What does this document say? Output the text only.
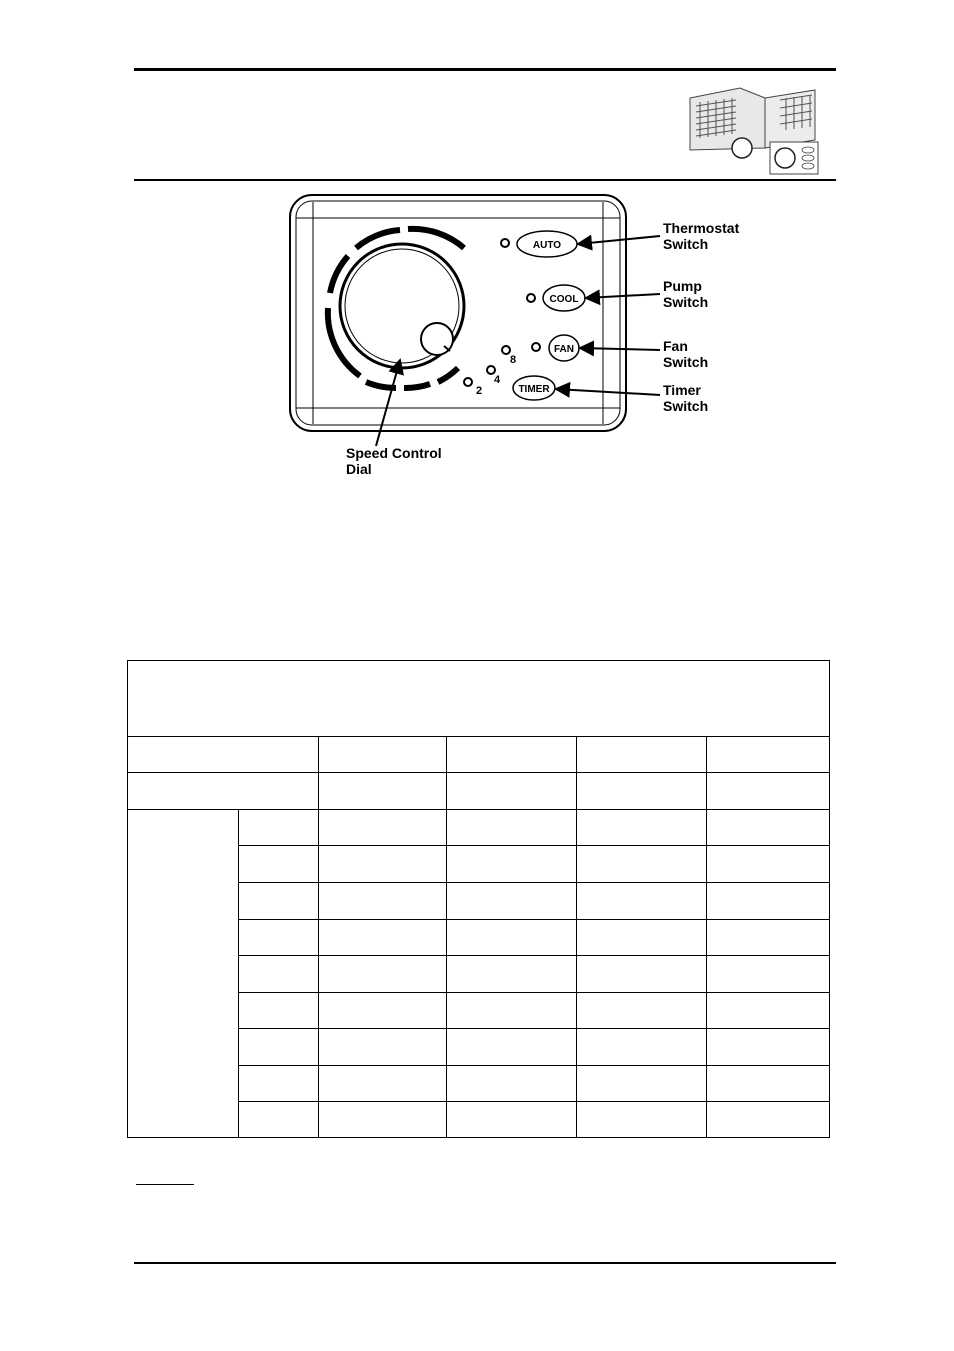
AUTO
COOL
FAN
TIMER
2
4
8
Thermostat
Switch
Pump
Switch
Fan
Switch
Timer
Switch
Speed Control
Dial
